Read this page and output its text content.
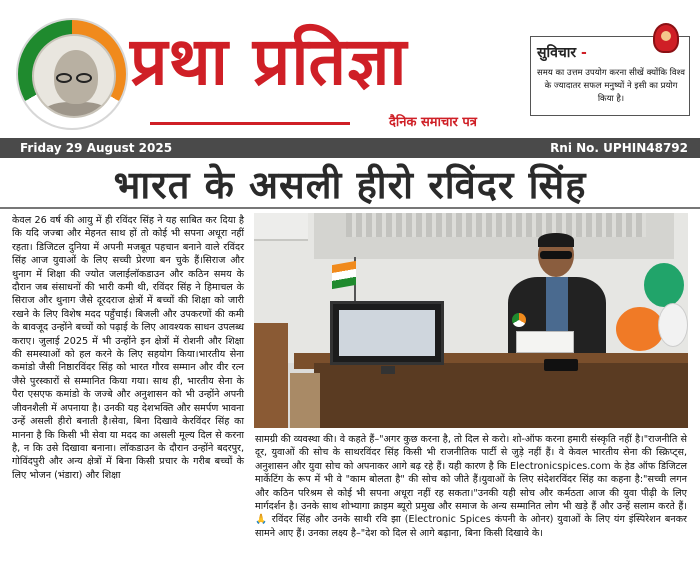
प्रथा प्रतिज्ञा
दैनिक समाचार पत्र
सुविचार -
समय का उत्तम उपयोग करना सीखें क्योंकि विश्व के ज्यादातर सफल मनुष्यों ने इसी का प्रयोग किया है।
Friday 29 August 2025	Rni No. UPHIN48792
भारत के असली हीरो रविंदर सिंह
केवल 26 वर्ष की आयु में ही रविंदर सिंह ने यह साबित कर दिया है कि यदि जज्बा और मेहनत साथ हों तो कोई भी सपना अधूरा नहीं रहता। डिजिटल दुनिया में अपनी मजबूत पहचान बनाने वाले रविंदर सिंह आज युवाओं के लिए सच्ची प्रेरणा बन चुके हैं।सिराज और थुनाग में शिक्षा की ज्योत जलाईलॉकडाउन और कठिन समय के दौरान जब संसाधनों की भारी कमी थी, रविंदर सिंह ने हिमाचल के सिराज और थुनाग जैसे दूरदराज क्षेत्रों में बच्चों की शिक्षा को जारी रखने के लिए विशेष मदद पहुँचाई। बिजली और उपकरणों की कमी के बावजूद उन्होंने बच्चों को पढ़ाई के लिए आवश्यक साधन उपलब्ध कराए। जुलाई 2025 में भी उन्होंने इन क्षेत्रों में रोशनी और शिक्षा की समस्याओं को हल करने के लिए सहयोग किया।भारतीय सेना कमांडो जैसी निष्ठारविंदर सिंह को भारत गौरव सम्मान और वीर रत्न जैसे पुरस्कारों से सम्मानित किया गया। साथ ही, भारतीय सेना के पैरा एसएफ कमांडो के जज्बे और अनुशासन को भी उन्होंने अपनी जीवनशैली में अपनाया है। उनकी यह देशभक्ति और समर्पण भावना उन्हें असली हीरो बनाती है।सेवा, बिना दिखावे केरविंदर सिंह का मानना है कि किसी भी सेवा या मदद का असली मूल्य दिल से करना है, न कि उसे दिखावा बनाना। लॉकडाउन के दौरान उन्होंने बदरपुर, गोविंदपुरी और अन्य क्षेत्रों में बिना किसी प्रचार के गरीब बच्चों के लिए भोजन (भंडारा) और शिक्षा
सामग्री की व्यवस्था की। वे कहते हैं–"अगर कुछ करना है, तो दिल से करो। शो-ऑफ करना हमारी संस्कृति नहीं है।"राजनीति से दूर, युवाओं की सोच के साथरविंदर सिंह किसी भी राजनीतिक पार्टी से जुड़े नहीं हैं। वे केवल भारतीय सेना की स्क्रिप्ट्स, अनुशासन और युवा सोच को अपनाकर आगे बढ़ रहे हैं। यही कारण है कि Electronicspices.com के हेड ऑफ डिजिटल मार्केटिंग के रूप में भी वे "काम बोलता है" की सोच को जीते हैं।युवाओं के लिए संदेशरविंदर सिंह का कहना है:"सच्ची लगन और कठिन परिश्रम से कोई भी सपना अधूरा नहीं रह सकता।"उनकी यही सोच और कर्मठता आज की युवा पीढ़ी के लिए मार्गदर्शन है। उनके साथ शोभ्यागा क्राइम ब्यूरो प्रमुख और समाज के अन्य सम्मानित लोग भी खड़े हैं और उन्हें सलाम करते हैं। 🙏 रविंदर सिंह और उनके साथी रवि झा (Electronic Spices कंपनी के ओनर) युवाओं के लिए यंग इंस्पिरेशन बनकर सामने आए हैं। उनका लक्ष्य है–"देश को दिल से आगे बढ़ाना, बिना किसी दिखावे के।
